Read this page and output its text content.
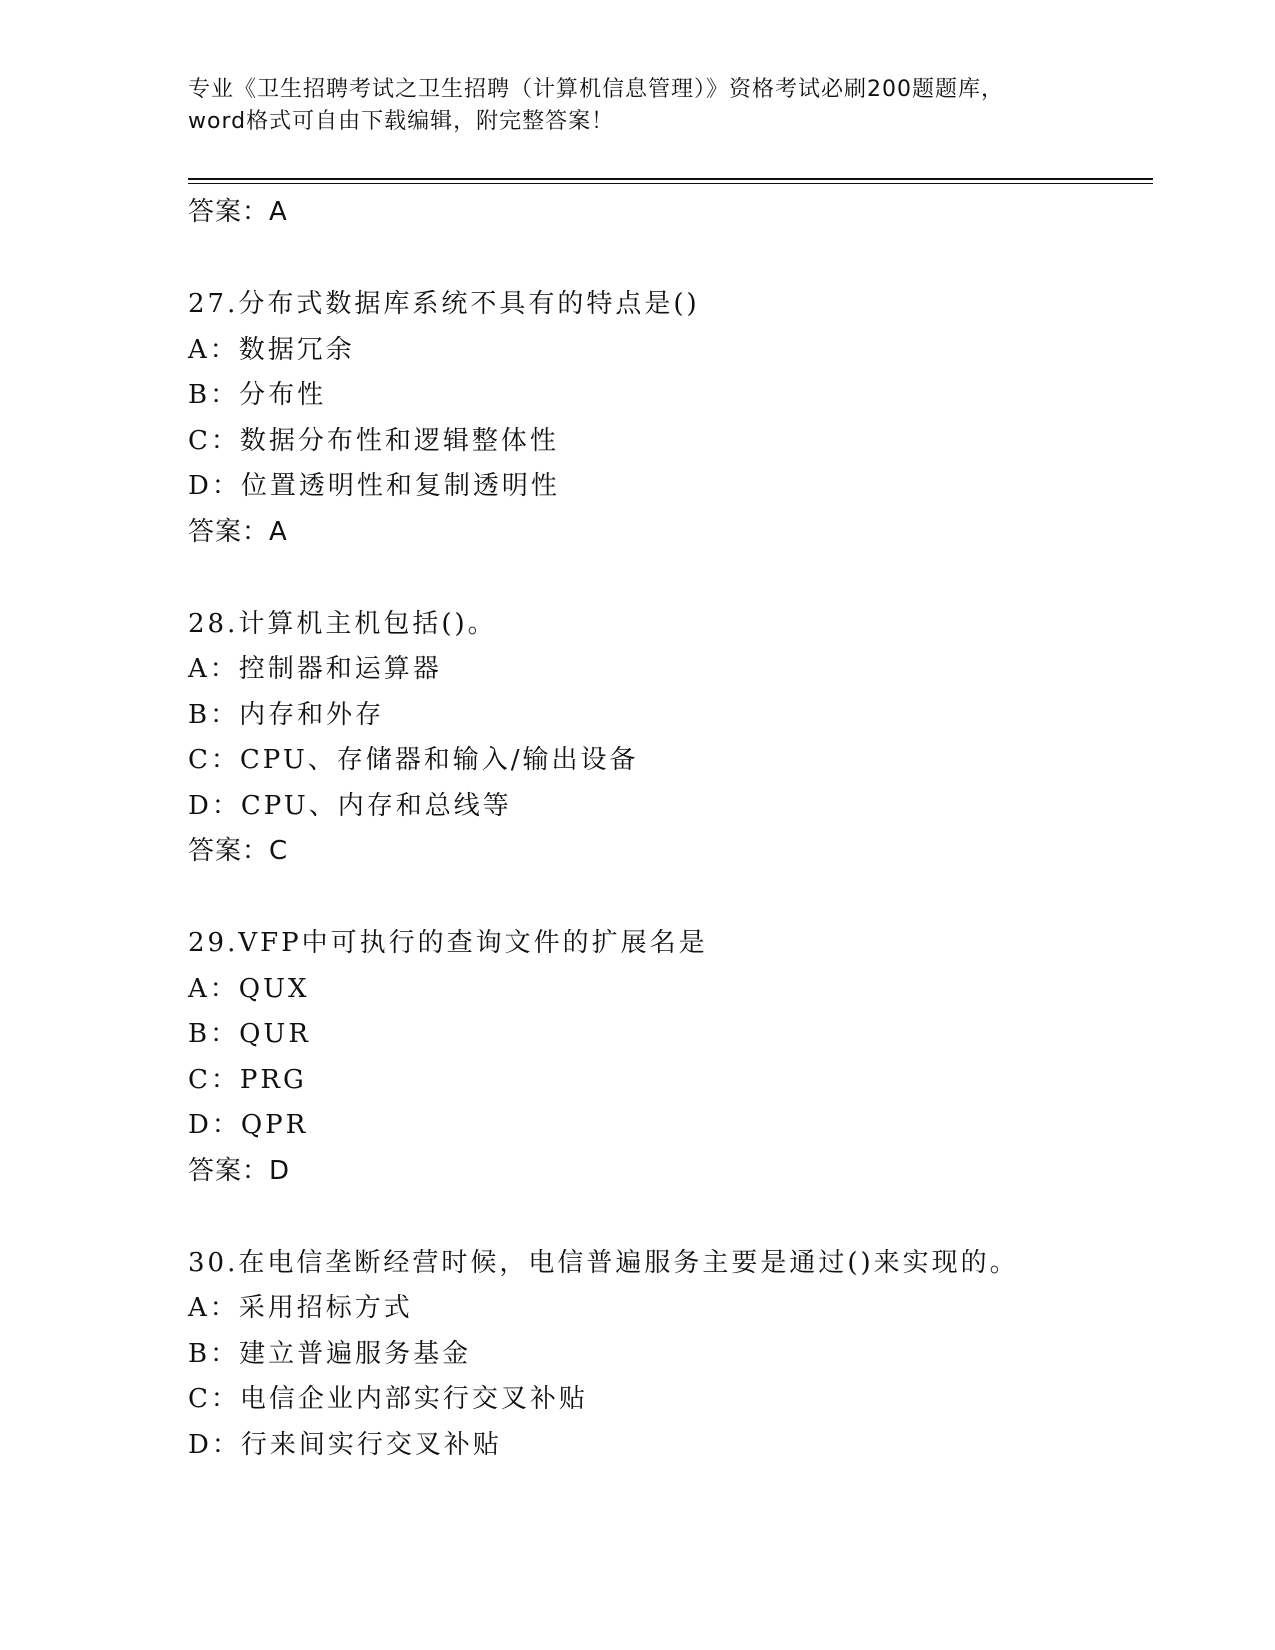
专业《卫生招聘考试之卫生招聘（计算机信息管理）》资格考试必刷200题题库，
word格式可自由下载编辑，附完整答案！
答案：A
27.分布式数据库系统不具有的特点是()
A：数据冗余
B：分布性
C：数据分布性和逻辑整体性
D：位置透明性和复制透明性
答案：A
28.计算机主机包括()。
A：控制器和运算器
B：内存和外存
C：CPU、存储器和输入/输出设备
D：CPU、内存和总线等
答案：C
29.VFP中可执行的查询文件的扩展名是
A：QUX
B：QUR
C：PRG
D：QPR
答案：D
30.在电信垄断经营时候，电信普遍服务主要是通过()来实现的。
A：采用招标方式
B：建立普遍服务基金
C：电信企业内部实行交叉补贴
D：行来间实行交叉补贴
